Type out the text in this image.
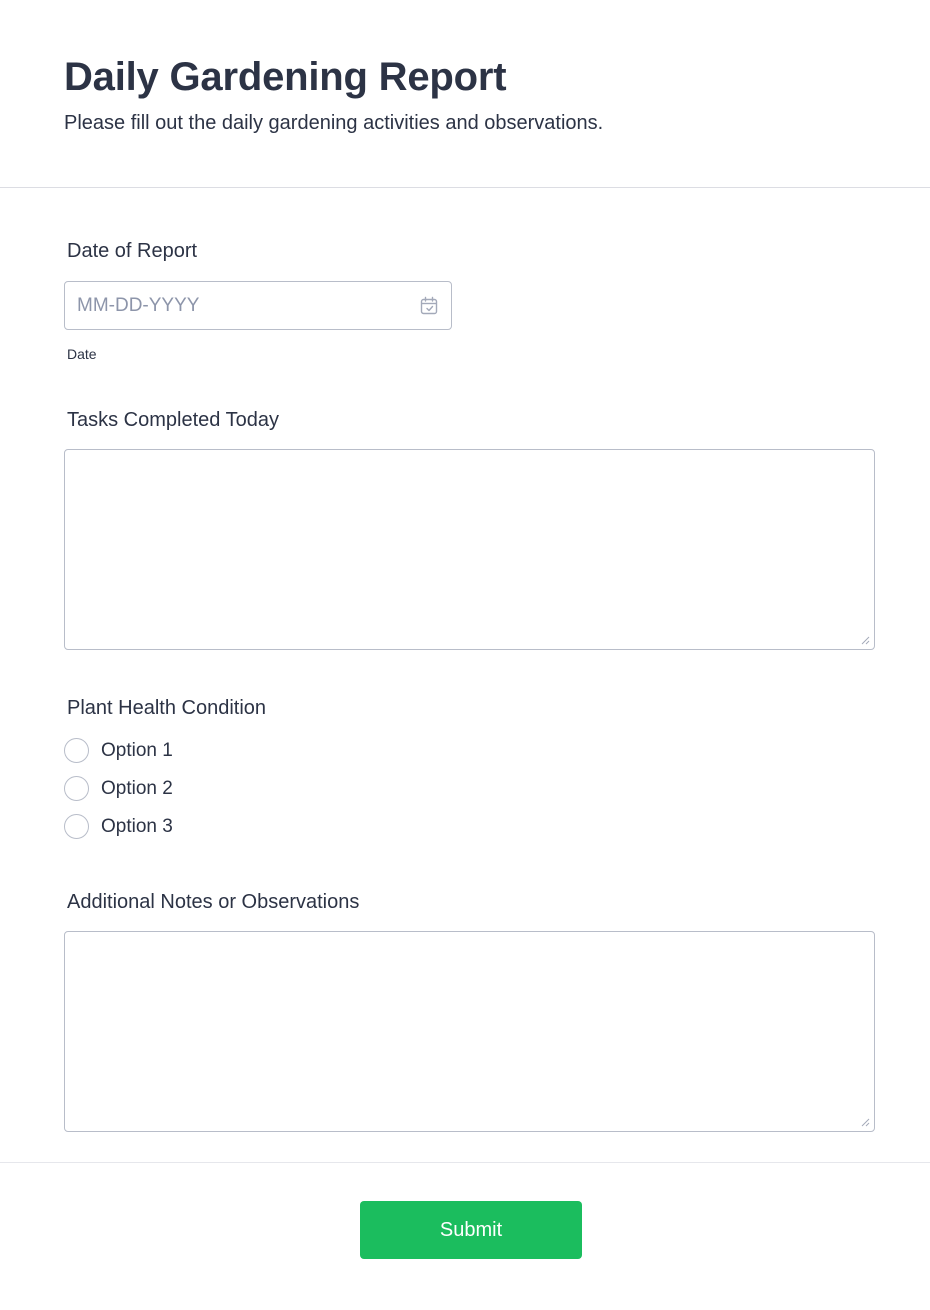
Daily Gardening Report

Please fill out the daily gardening activities and observations.

Date of Report
MM-DD-YYYY
Date
Tasks Completed Today
Plant Health Condition
Option 1
Option 2
Option 3
Additional Notes or Observations
Submit
